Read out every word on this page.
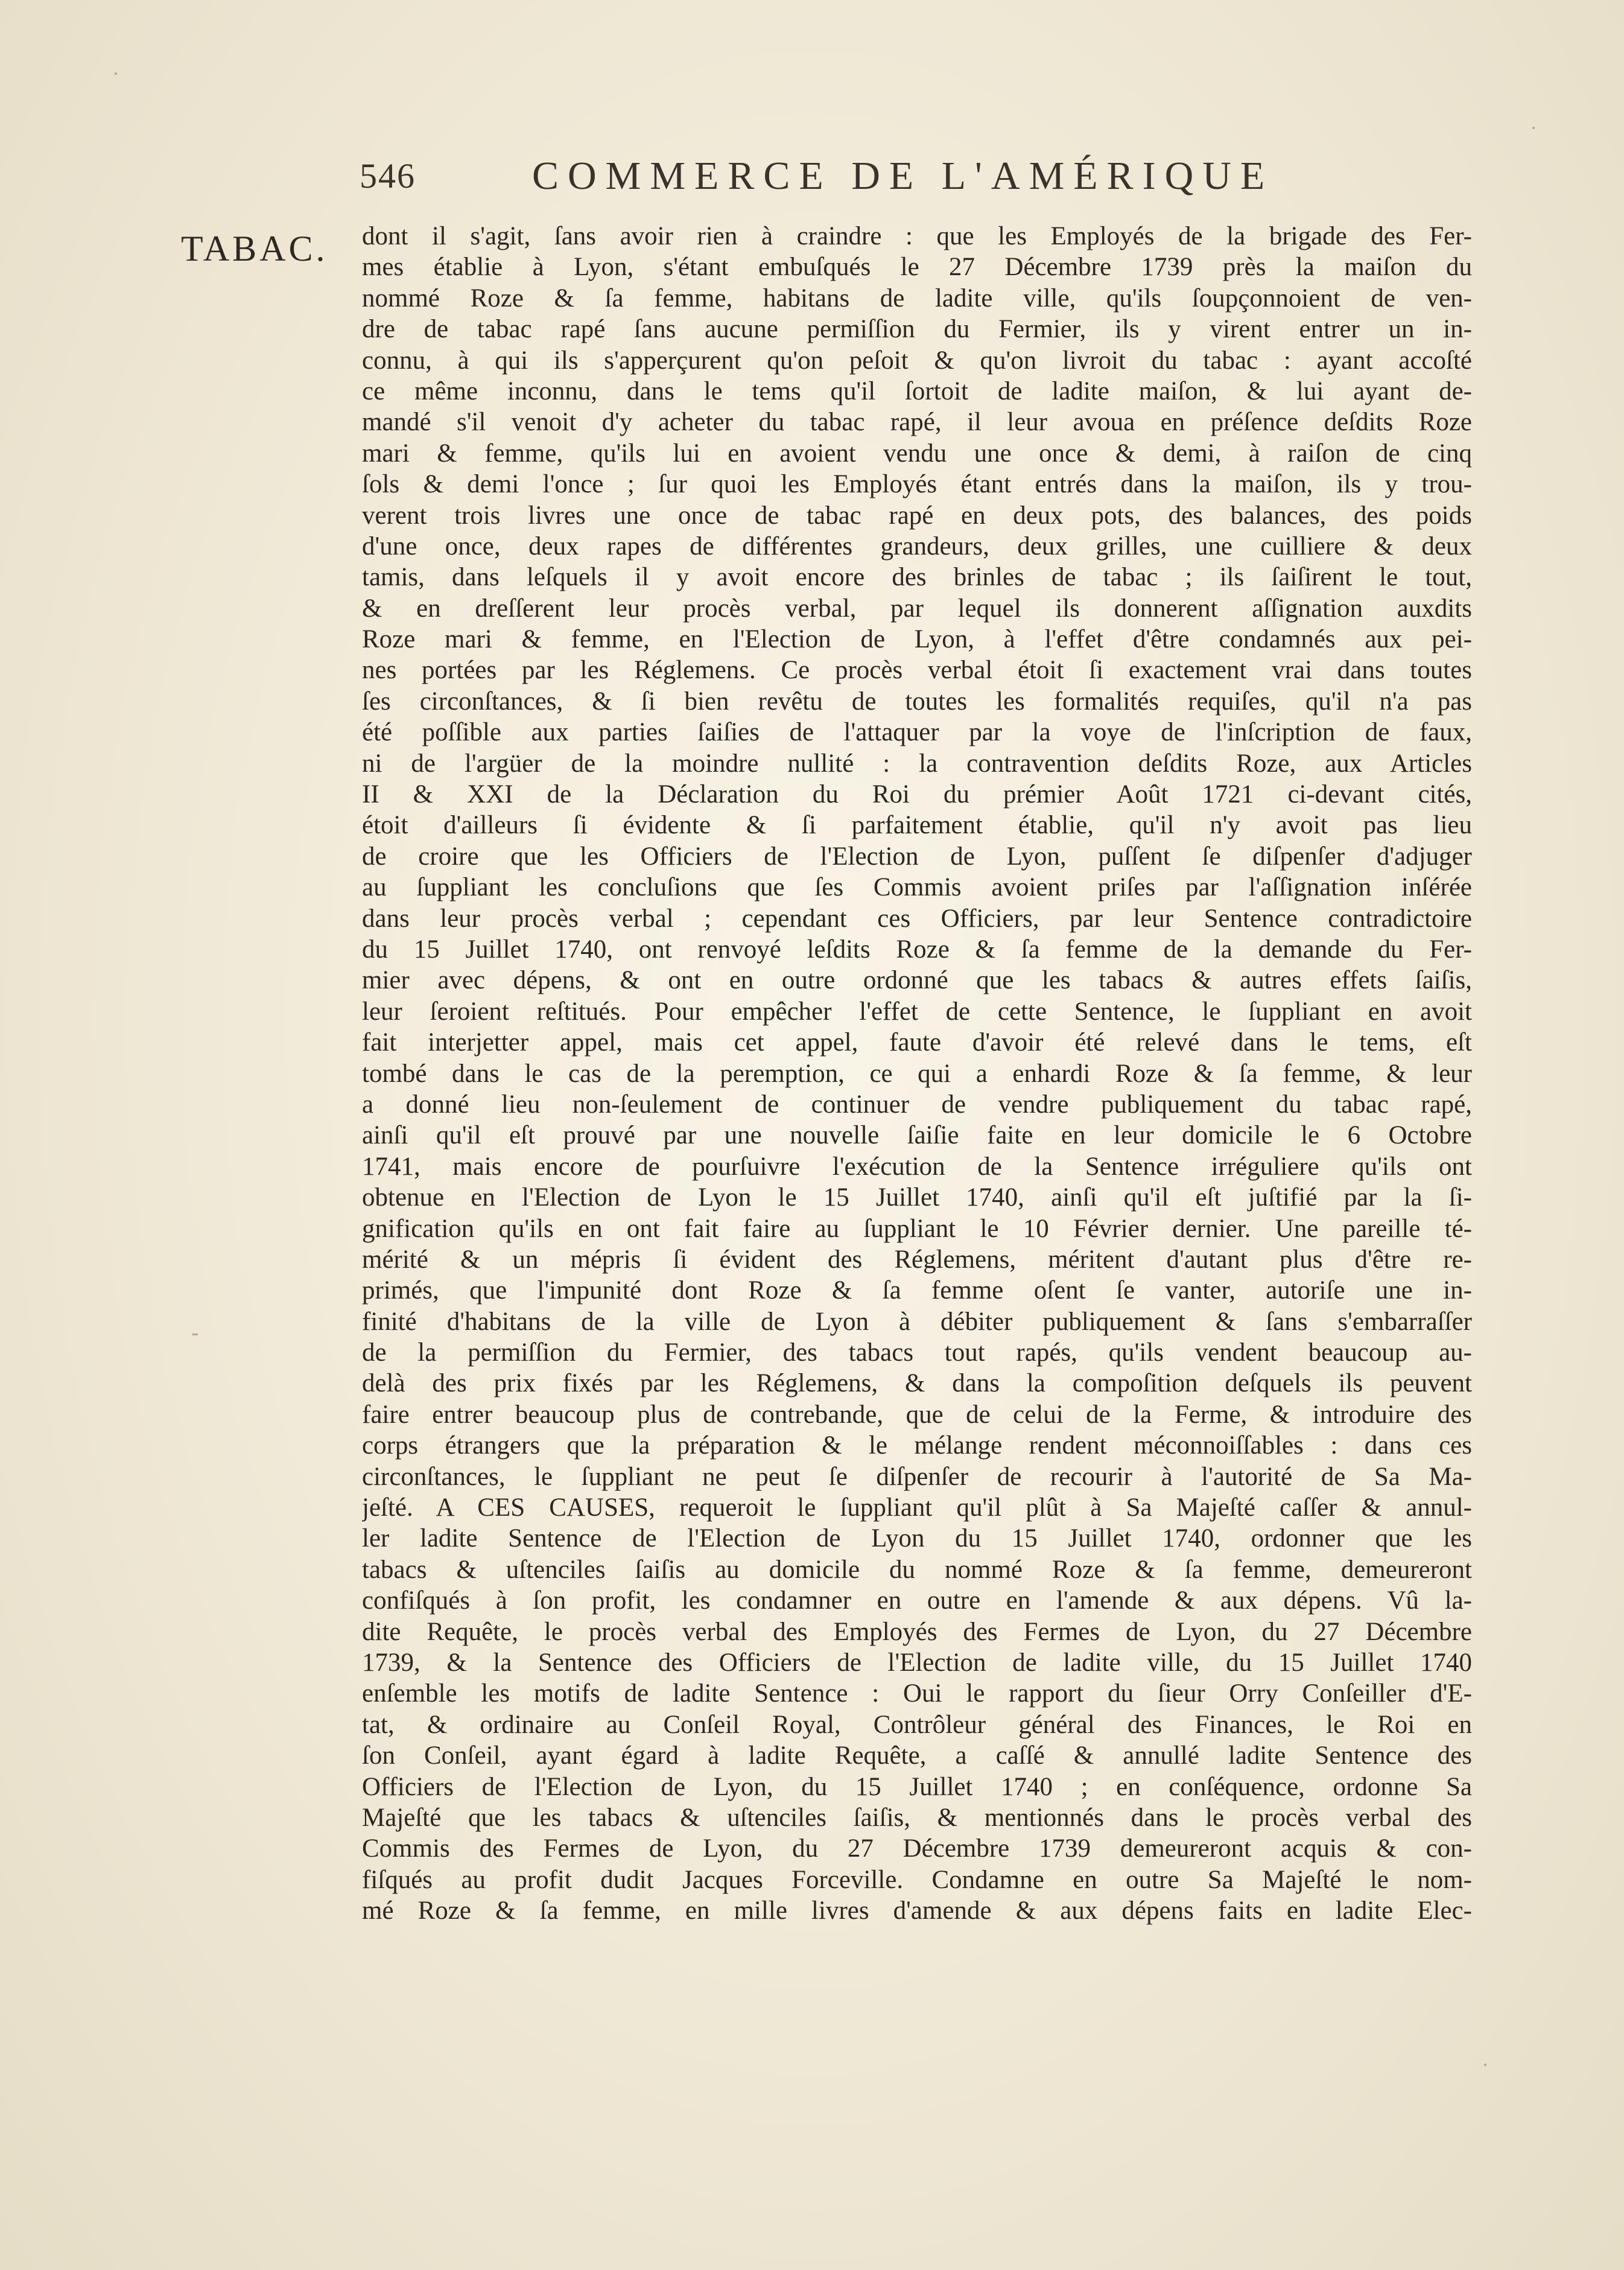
546	COMMERCE DE L'AMÉRIQUE
TABAC. dont il s'agit, ſans avoir rien à craindre : que les Employés de la brigade des Fer-
mes établie à Lyon, s'étant embuſqués le 27 Décembre 1739 près la maiſon du
nommé Roze & ſa femme, habitans de ladite ville, qu'ils ſoupçonnoient de ven-
dre de tabac rapé ſans aucune permiſſion du Fermier, ils y virent entrer un in-
connu, à qui ils s'apperçurent qu'on peſoit & qu'on livroit du tabac : ayant accoſté
ce même inconnu, dans le tems qu'il ſortoit de ladite maiſon, & lui ayant de-
mandé s'il venoit d'y acheter du tabac rapé, il leur avoua en préſence deſdits Roze
mari & femme, qu'ils lui en avoient vendu une once & demi, à raiſon de cinq
ſols & demi l'once ; ſur quoi les Employés étant entrés dans la maiſon, ils y trou-
verent trois livres une once de tabac rapé en deux pots, des balances, des poids
d'une once, deux rapes de différentes grandeurs, deux grilles, une cuilliere & deux
tamis, dans leſquels il y avoit encore des brinles de tabac ; ils ſaiſirent le tout,
& en dreſſerent leur procès verbal, par lequel ils donnerent aſſignation auxdits
Roze mari & femme, en l'Election de Lyon, à l'effet d'être condamnés aux pei-
nes portées par les Réglemens. Ce procès verbal étoit ſi exactement vrai dans toutes
ſes circonſtances, & ſi bien revêtu de toutes les formalités requiſes, qu'il n'a pas
été poſſible aux parties ſaiſies de l'attaquer par la voye de l'inſcription de faux,
ni de l'argüer de la moindre nullité : la contravention deſdits Roze, aux Articles
II & XXI de la Déclaration du Roi du prémier Août 1721 ci-devant cités,
étoit d'ailleurs ſi évidente & ſi parfaitement établie, qu'il n'y avoit pas lieu
de croire que les Officiers de l'Election de Lyon, puſſent ſe diſpenſer d'adjuger
au ſuppliant les concluſions que ſes Commis avoient priſes par l'aſſignation inſérée
dans leur procès verbal ; cependant ces Officiers, par leur Sentence contradictoire
du 15 Juillet 1740, ont renvoyé leſdits Roze & ſa femme de la demande du Fer-
mier avec dépens, & ont en outre ordonné que les tabacs & autres effets ſaiſis,
leur ſeroient reſtitués. Pour empêcher l'effet de cette Sentence, le ſuppliant en avoit
fait interjetter appel, mais cet appel, faute d'avoir été relevé dans le tems, eſt
tombé dans le cas de la peremption, ce qui a enhardi Roze & ſa femme, & leur
a donné lieu non-ſeulement de continuer de vendre publiquement du tabac rapé,
ainſi qu'il eſt prouvé par une nouvelle ſaiſie faite en leur domicile le 6 Octobre
1741, mais encore de pourſuivre l'exécution de la Sentence irréguliere qu'ils ont
obtenue en l'Election de Lyon le 15 Juillet 1740, ainſi qu'il eſt juſtifié par la ſi-
gnification qu'ils en ont fait faire au ſuppliant le 10 Février dernier. Une pareille té-
mérité & un mépris ſi évident des Réglemens, méritent d'autant plus d'être re-
primés, que l'impunité dont Roze & ſa femme oſent ſe vanter, autoriſe une in-
finité d'habitans de la ville de Lyon à débiter publiquement & ſans s'embarraſſer
de la permiſſion du Fermier, des tabacs tout rapés, qu'ils vendent beaucoup au-
delà des prix fixés par les Réglemens, & dans la compoſition deſquels ils peuvent
faire entrer beaucoup plus de contrebande, que de celui de la Ferme, & introduire des
corps étrangers que la préparation & le mélange rendent méconnoiſſables : dans ces
circonſtances, le ſuppliant ne peut ſe diſpenſer de recourir à l'autorité de Sa Ma-
jeſté. A CES CAUSES, requeroit le ſuppliant qu'il plût à Sa Majeſté caſſer & annul-
ler ladite Sentence de l'Election de Lyon du 15 Juillet 1740, ordonner que les
tabacs & uſtenciles ſaiſis au domicile du nommé Roze & ſa femme, demeureront
confiſqués à ſon profit, les condamner en outre en l'amende & aux dépens. Vû la-
dite Requête, le procès verbal des Employés des Fermes de Lyon, du 27 Décembre
1739, & la Sentence des Officiers de l'Election de ladite ville, du 15 Juillet 1740
enſemble les motifs de ladite Sentence : Oui le rapport du ſieur Orry Conſeiller d'E-
tat, & ordinaire au Conſeil Royal, Contrôleur général des Finances, le Roi en
ſon Conſeil, ayant égard à ladite Requête, a caſſé & annullé ladite Sentence des
Officiers de l'Election de Lyon, du 15 Juillet 1740 ; en conſéquence, ordonne Sa
Majeſté que les tabacs & uſtenciles ſaiſis, & mentionnés dans le procès verbal des
Commis des Fermes de Lyon, du 27 Décembre 1739 demeureront acquis & con-
fiſqués au profit dudit Jacques Forceville. Condamne en outre Sa Majeſté le nom-
mé Roze & ſa femme, en mille livres d'amende & aux dépens faits en ladite Elec-
